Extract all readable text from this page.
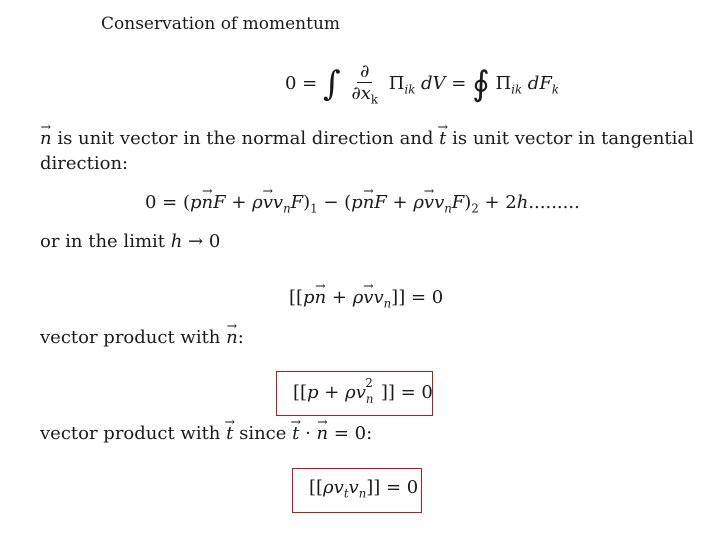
Conservation of momentum
0 = ∫ $\frac{\partial}{\partial x_k} \Pi_{ik}$ dV = ∮ $\Pi_{ik}$ $dF_k$
→ n is unit vector in the normal direction and → t is unit vector in tangential
direction:
0 = (p→ nF + $\rho\to vv_nF)_1 - (p\to$ nF + $\rho\to vv_nF)_2 + 2h$.........
or in the limit h → 0
$[[p\to n + \rho\to vv_n]] = 0$
vector product with → n:
[[$p + \rho v_n^2$ ]] = 0
vector product with → t since → t · → n = 0:
$[[\rho v_tv_n]] = 0$
